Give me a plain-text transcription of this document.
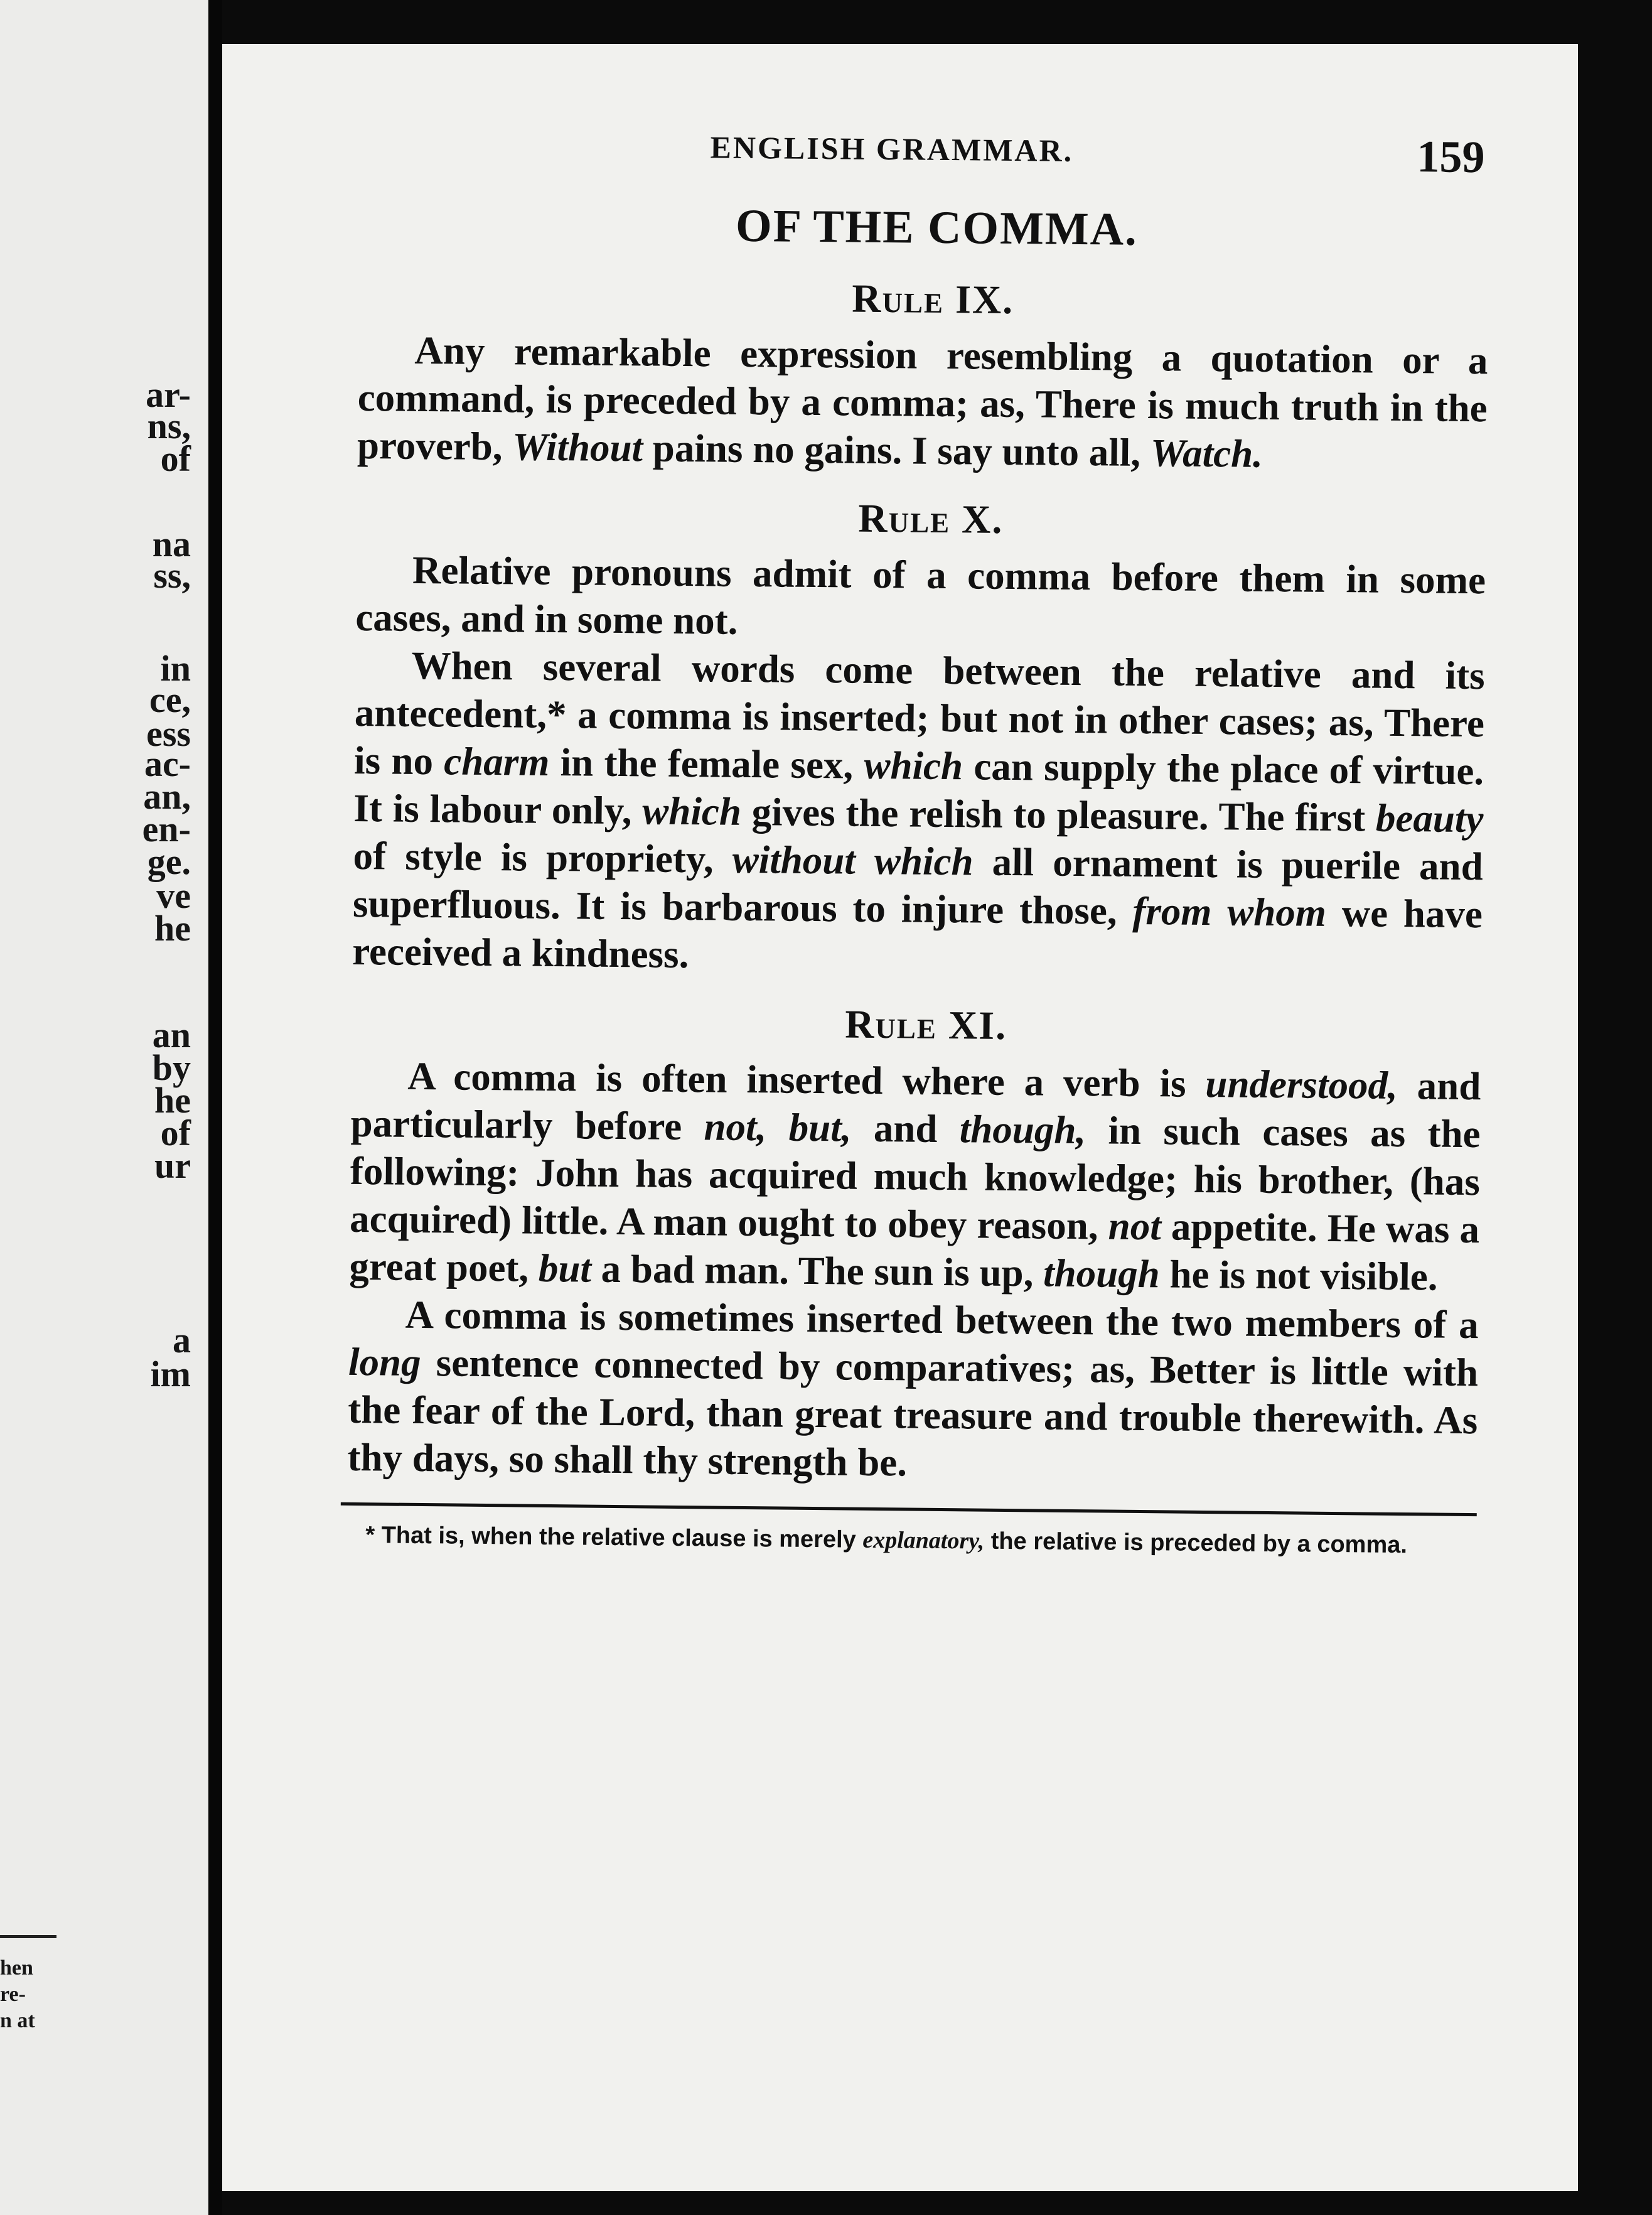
ar-
ns,
of
na
ss,
in
ce,
ess
ac-
an,
en-
ge.
ve
he
an
by
he
of
ur
a
im
hen
re-
n at
ENGLISH GRAMMAR.	159
OF THE COMMA.
Rule IX.

Any remarkable expression resembling a quotation or a command, is preceded by a comma; as, There is much truth in the proverb, Without pains no gains. I say unto all, Watch.

Rule X.

Relative pronouns admit of a comma before them in some cases, and in some not.

When several words come between the relative and its antecedent,* a comma is inserted; but not in other cases; as, There is no charm in the female sex, which can supply the place of virtue. It is labour only, which gives the relish to pleasure. The first beauty of style is propriety, without which all ornament is puerile and superfluous. It is barbarous to injure those, from whom we have received a kindness.

Rule XI.

A comma is often inserted where a verb is understood, and particularly before not, but, and though, in such cases as the following: John has acquired much knowledge; his brother, (has acquired) little. A man ought to obey reason, not appetite. He was a great poet, but a bad man. The sun is up, though he is not visible.

A comma is sometimes inserted between the two members of a long sentence connected by comparatives; as, Better is little with the fear of the Lord, than great treasure and trouble therewith. As thy days, so shall thy strength be.

* That is, when the relative clause is merely explanatory, the relative is preceded by a comma.
